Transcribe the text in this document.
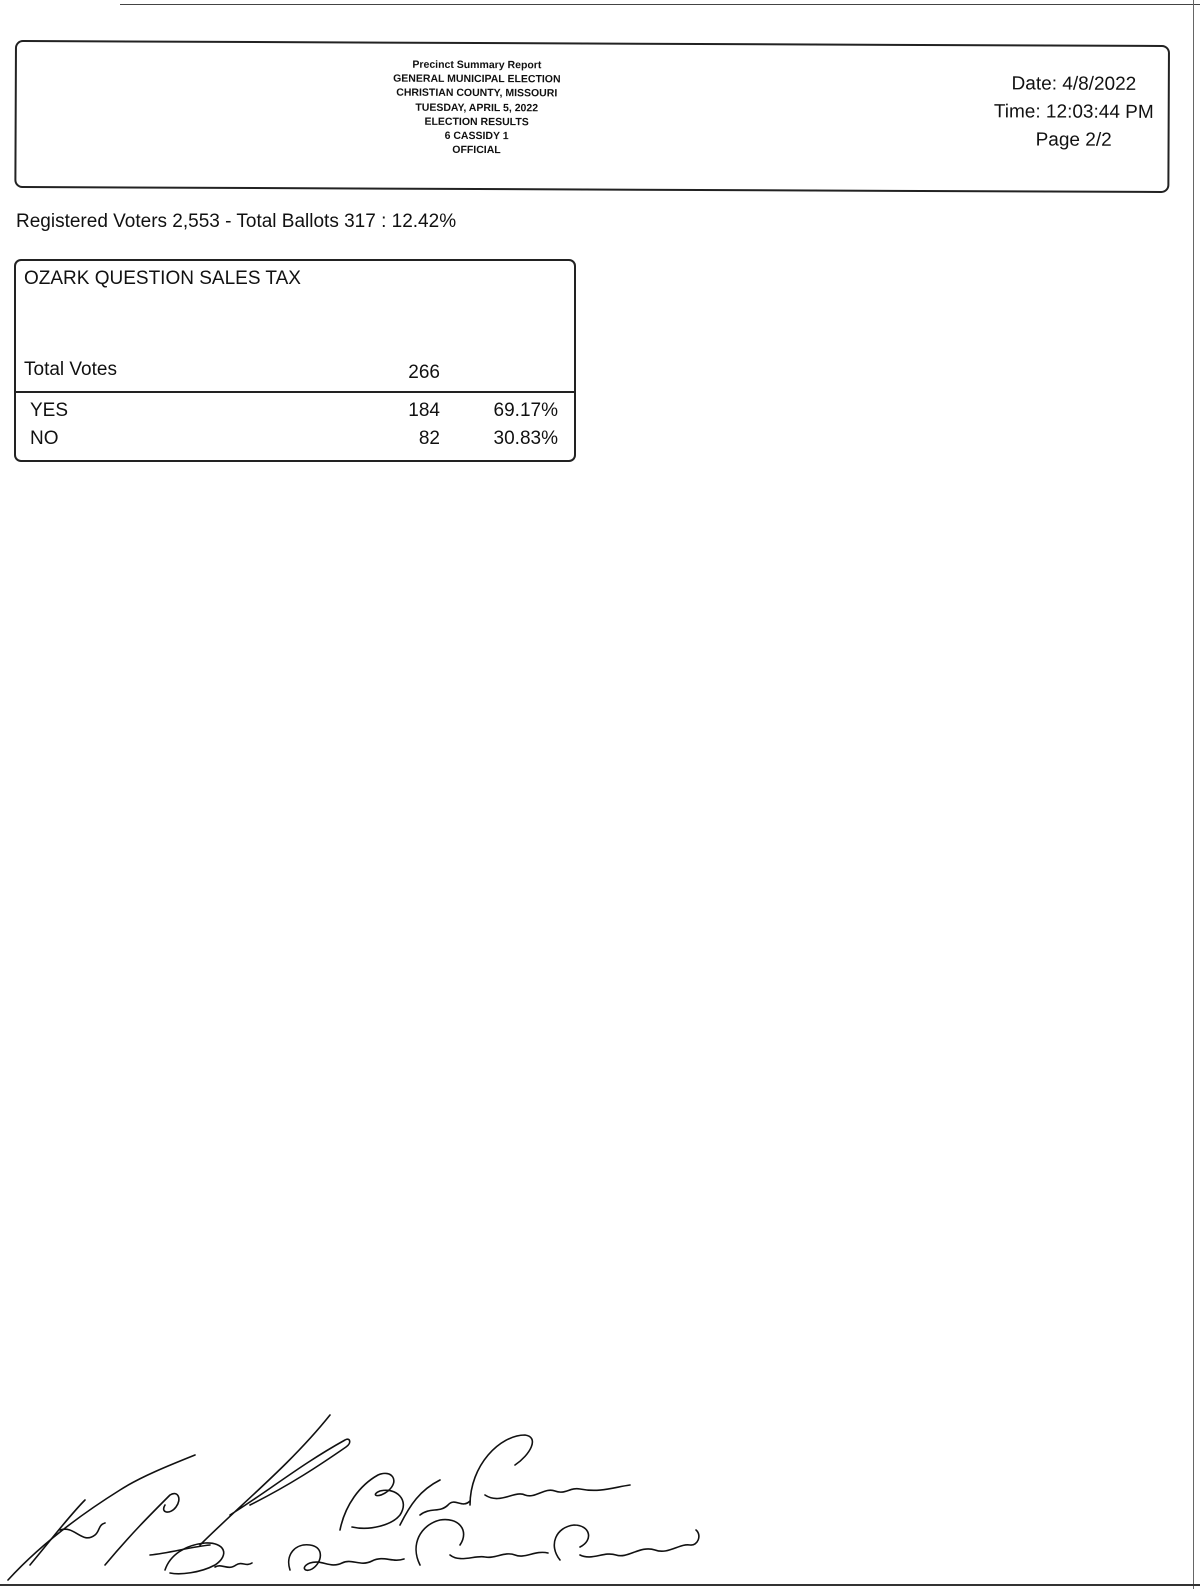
Precinct Summary Report
GENERAL MUNICIPAL ELECTION
CHRISTIAN COUNTY, MISSOURI
TUESDAY, APRIL 5, 2022
ELECTION RESULTS
6 CASSIDY 1
OFFICIAL
Date: 4/8/2022
Time: 12:03:44 PM
Page 2/2
Registered Voters 2,553 - Total Ballots 317 : 12.42%
OZARK QUESTION SALES TAX
Total Votes	266
YES	184	69.17%
NO	82	30.83%
